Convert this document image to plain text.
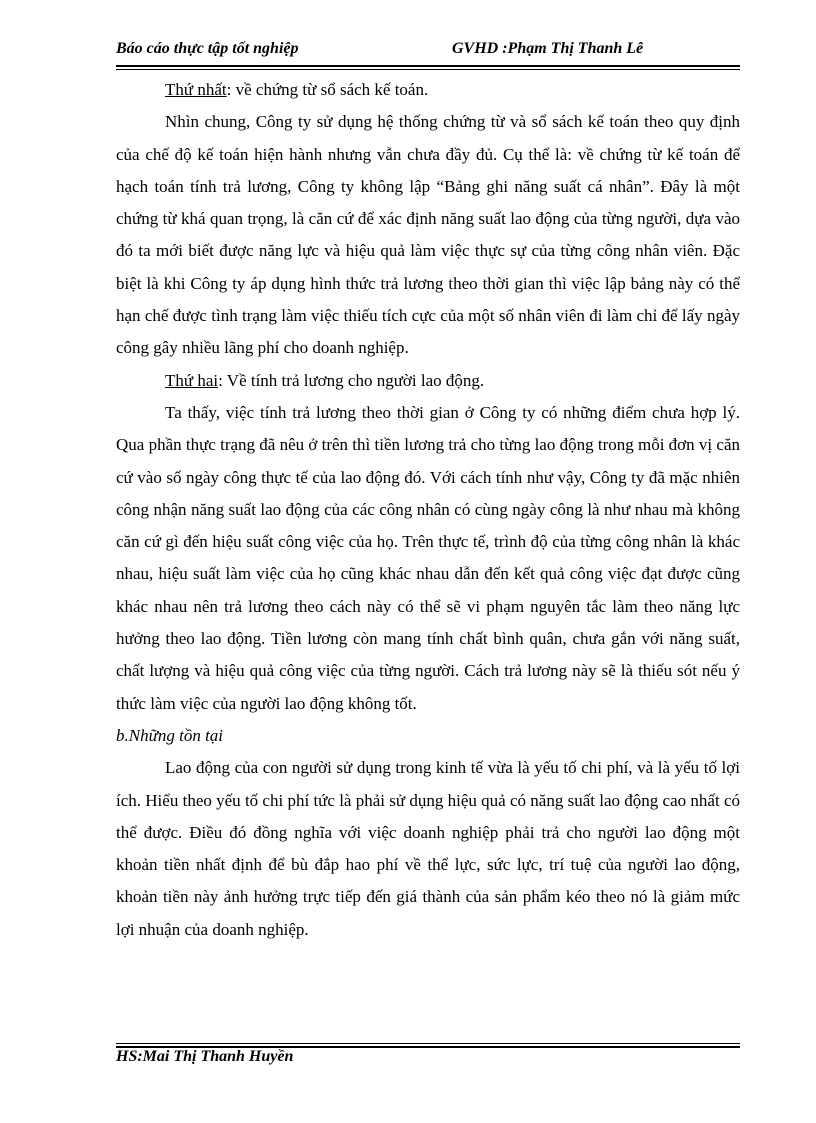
Báo cáo thực tập tốt nghiệp	GVHD :Phạm Thị Thanh Lê

Thứ nhất: về chứng từ sổ sách kế toán.

Nhìn chung, Công ty sử dụng hệ thống chứng từ và sổ sách kế toán theo quy định của chế độ kế toán hiện hành nhưng vẫn chưa đầy đủ. Cụ thể là: về chứng từ kế toán để hạch toán tính trả lương, Công ty không lập “Bảng ghi năng suất cá nhân”. Đây là một chứng từ khá quan trọng, là căn cứ để xác định năng suất lao động của từng người, dựa vào đó ta mới biết được năng lực và hiệu quả làm việc thực sự của từng công nhân viên. Đặc biệt là khi Công ty áp dụng hình thức trả lương theo thời gian thì việc lập bảng này có thể hạn chế được tình trạng làm việc thiếu tích cực của một số nhân viên đi làm chỉ để lấy ngày công gây nhiều lãng phí cho doanh nghiệp.

Thứ hai: Về tính trả lương cho người lao động.

Ta thấy, việc tính trả lương theo thời gian ở Công ty có những điểm chưa hợp lý. Qua phần thực trạng đã nêu ở trên thì tiền lương trả cho từng lao động trong mỗi đơn vị căn cứ vào số ngày công thực tế của lao động đó. Với cách tính như vậy, Công ty đã mặc nhiên công nhận năng suất lao động của các công nhân có cùng ngày công là như nhau mà không căn cứ gì đến hiệu suất công việc của họ. Trên thực tế, trình độ của từng công nhân là khác nhau, hiệu suất làm việc của họ cũng khác nhau dẫn đến kết quả công việc đạt được cũng khác nhau nên trả lương theo cách này có thể sẽ vi phạm nguyên tắc làm theo năng lực hưởng theo lao động. Tiền lương còn mang tính chất bình quân, chưa gắn với năng suất, chất lượng và hiệu quả công việc của từng người. Cách trả lương này sẽ là thiếu sót nếu ý thức làm việc của người lao động không tốt.

b.Những tồn tại

Lao động của con người sử dụng trong kinh tế vừa là yếu tố chi phí, và là yếu tố lợi ích. Hiểu theo yếu tố chi phí tức là phải sử dụng hiệu quả có năng suất lao động cao nhất có thể được. Điều đó đồng nghĩa với việc doanh nghiệp phải trả cho người lao động một khoản tiền nhất định để bù đắp hao phí về thể lực, sức lực, trí tuệ của người lao động, khoản tiền này ảnh hưởng trực tiếp đến giá thành của sản phẩm kéo theo nó là giảm mức lợi nhuận của doanh nghiệp.

HS:Mai Thị Thanh Huyền
